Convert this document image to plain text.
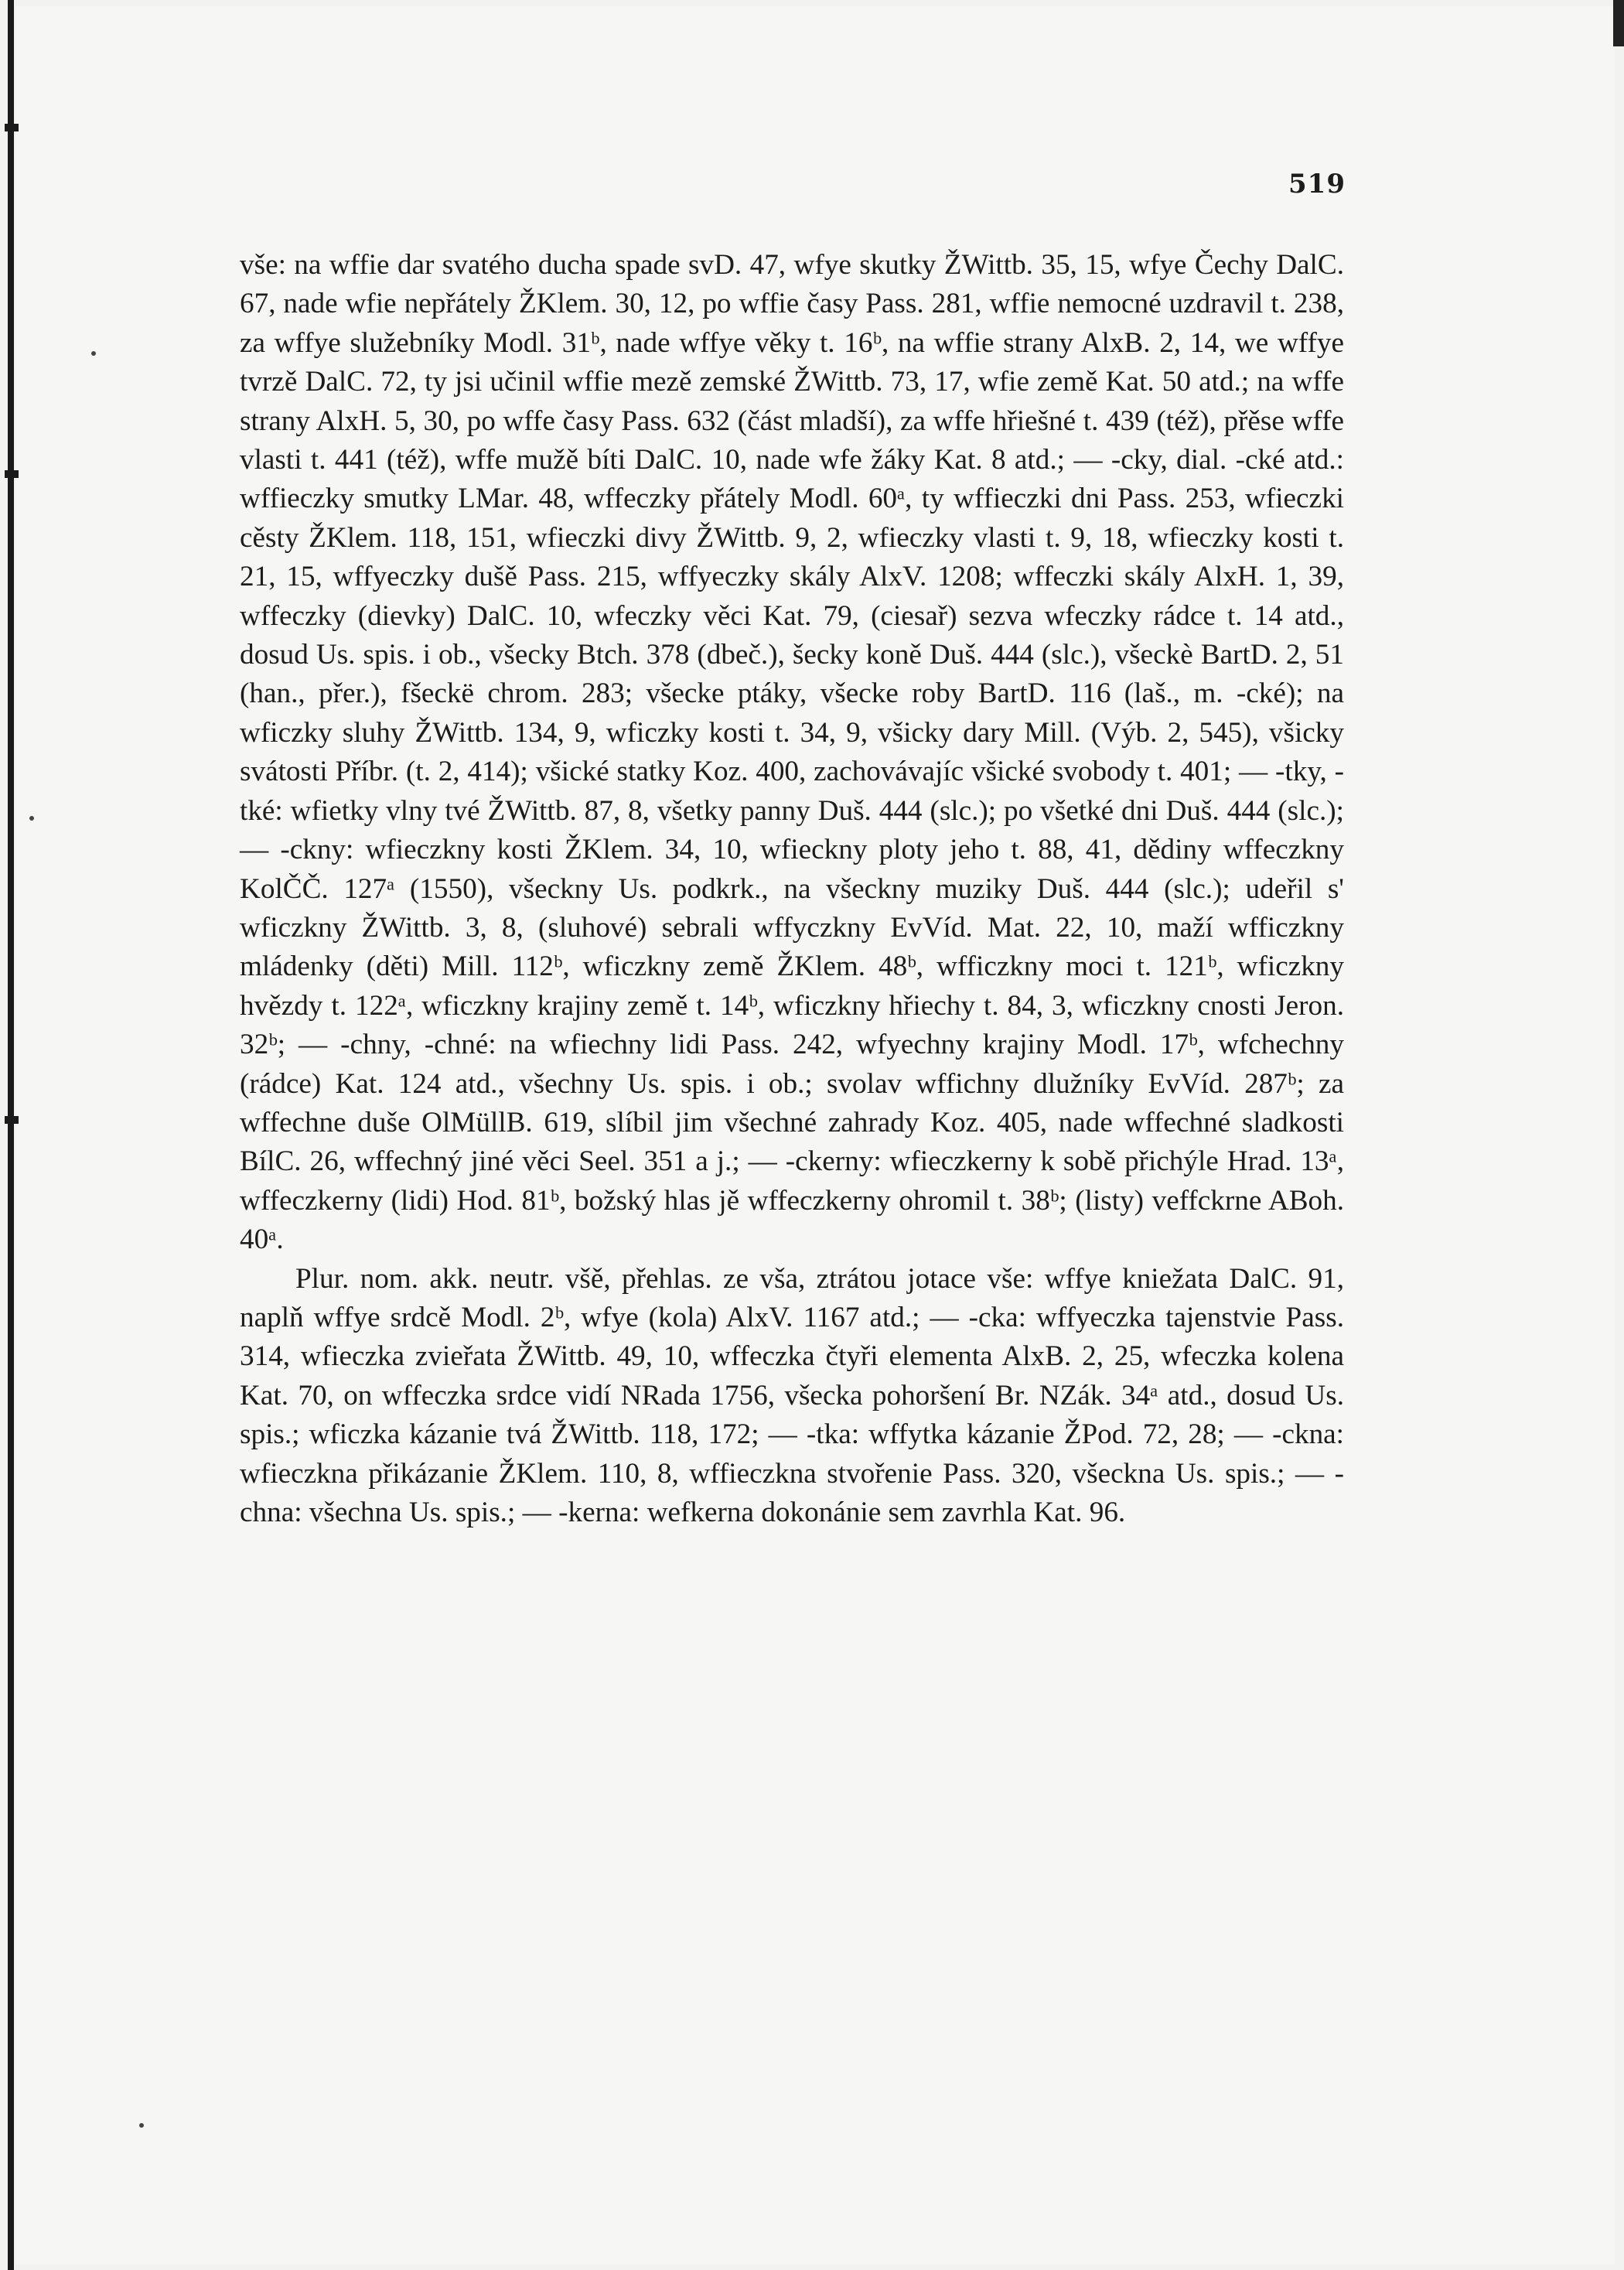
519

vše: na wffie dar svatého ducha spade svD. 47, wfye skutky ŽWittb. 35, 15, wfye Čechy DalC. 67, nade wfie nepřátely ŽKlem. 30, 12, po wffie časy Pass. 281, wffie nemocné uzdravil t. 238, za wffye služebníky Modl. 31ᵇ, nade wffye věky t. 16ᵇ, na wffie strany AlxB. 2, 14, we wffye tvrzě DalC. 72, ty jsi učinil wffie mezě zemské ŽWittb. 73, 17, wfie země Kat. 50 atd.; na wffe strany AlxH. 5, 30, po wffe časy Pass. 632 (část mladší), za wffe hřiešné t. 439 (též), přěse wffe vlasti t. 441 (též), wffe mužě bíti DalC. 10, nade wfe žáky Kat. 8 atd.; — -cky, dial. -cké atd.: wffieczky smutky LMar. 48, wffeczky přátely Modl. 60ᵃ, ty wffieczki dni Pass. 253, wfieczki cěsty ŽKlem. 118, 151, wfieczki divy ŽWittb. 9, 2, wfieczky vlasti t. 9, 18, wfieczky kosti t. 21, 15, wffyeczky dušě Pass. 215, wffyeczky skály AlxV. 1208; wffeczki skály AlxH. 1, 39, wffeczky (dievky) DalC. 10, wfeczky věci Kat. 79, (ciesař) sezva wfeczky rádce t. 14 atd., dosud Us. spis. i ob., všecky Btch. 378 (dbeč.), šecky koně Duš. 444 (slc.), všeckè BartD. 2, 51 (han., přer.), fšeckë chrom. 283; všecke ptáky, všecke roby BartD. 116 (laš., m. -cké); na wficzky sluhy ŽWittb. 134, 9, wficzky kosti t. 34, 9, všicky dary Mill. (Výb. 2, 545), všicky svátosti Příbr. (t. 2, 414); všické statky Koz. 400, zachovávajíc všické svobody t. 401; — -tky, -tké: wfietky vlny tvé ŽWittb. 87, 8, všetky panny Duš. 444 (slc.); po všetké dni Duš. 444 (slc.); — -ckny: wfieczkny kosti ŽKlem. 34, 10, wfieckny ploty jeho t. 88, 41, dědiny wffeczkny KolČČ. 127ᵃ (1550), všeckny Us. podkrk., na všeckny muziky Duš. 444 (slc.); udeřil s' wficzkny ŽWittb. 3, 8, (sluhové) sebrali wffyczkny EvVíd. Mat. 22, 10, maží wfficzkny mládenky (děti) Mill. 112ᵇ, wficzkny země ŽKlem. 48ᵇ, wfficzkny moci t. 121ᵇ, wficzkny hvězdy t. 122ᵃ, wficzkny krajiny země t. 14ᵇ, wficzkny hřiechy t. 84, 3, wficzkny cnosti Jeron. 32ᵇ; — -chny, -chné: na wfiechny lidi Pass. 242, wfyechny krajiny Modl. 17ᵇ, wfchechny (rádce) Kat. 124 atd., všechny Us. spis. i ob.; svolav wffichny dlužníky EvVíd. 287ᵇ; za wffechne duše OlMüllB. 619, slíbil jim všechné zahrady Koz. 405, nade wffechné sladkosti BílC. 26, wffechný jiné věci Seel. 351 a j.; — -ckerny: wfieczkerny k sobě přichýle Hrad. 13ᵃ, wffeczkerny (lidi) Hod. 81ᵇ, božský hlas jě wffeczkerny ohromil t. 38ᵇ; (listy) veffckrne ABoh. 40ᵃ.

Plur. nom. akk. neutr. všě, přehlas. ze vša, ztrátou jotace vše: wffye kniežata DalC. 91, naplň wffye srdcě Modl. 2ᵇ, wfye (kola) AlxV. 1167 atd.; — -cka: wffyeczka tajenstvie Pass. 314, wfieczka zvieřata ŽWittb. 49, 10, wffeczka čtyři elementa AlxB. 2, 25, wfeczka kolena Kat. 70, on wffeczka srdce vidí NRada 1756, všecka pohoršení Br. NZák. 34ᵃ atd., dosud Us. spis.; wficzka kázanie tvá ŽWittb. 118, 172; — -tka: wffytka kázanie ŽPod. 72, 28; — -ckna: wfieczkna přikázanie ŽKlem. 110, 8, wffieczkna stvořenie Pass. 320, všeckna Us. spis.; — -chna: všechna Us. spis.; — -kerna: wefkerna dokonánie sem zavrhla Kat. 96.
